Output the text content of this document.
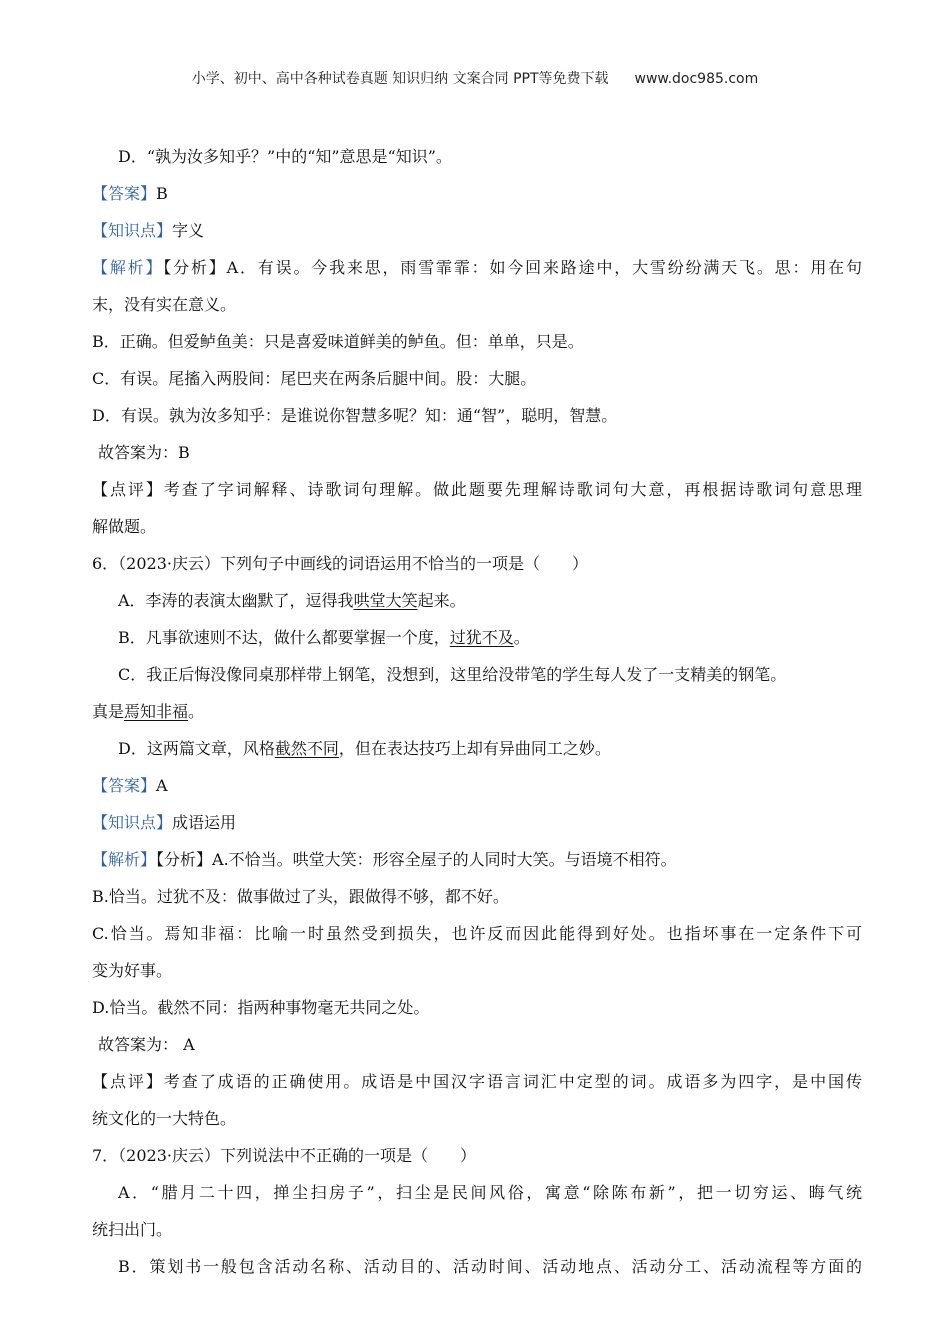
小学、初中、高中各种试卷真题 知识归纳 文案合同 PPT等免费下载 www.doc985.com
D．“孰为汝多知乎？”中的“知”意思是“知识”。
【答案】B
【知识点】字义
【解析】【分析】A．有误。今我来思，雨雪霏霏：如今回来路途中，大雪纷纷满天飞。思：用在句
末，没有实在意义。
B．正确。但爱鲈鱼美：只是喜爱味道鲜美的鲈鱼。但：单单，只是。
C．有误。尾搐入两股间：尾巴夹在两条后腿中间。股：大腿。
D．有误。孰为汝多知乎：是谁说你智慧多呢？知：通“智”，聪明，智慧。
故答案为：B
【点评】考查了字词解释、诗歌词句理解。做此题要先理解诗歌词句大意，再根据诗歌词句意思理
解做题。
6．（2023·庆云）下列句子中画线的词语运用不恰当的一项是（　　）
A．李涛的表演太幽默了，逗得我哄堂大笑起来。
B．凡事欲速则不达，做什么都要掌握一个度，过犹不及。
C．我正后悔没像同桌那样带上钢笔，没想到，这里给没带笔的学生每人发了一支精美的钢笔。
真是焉知非福。
D．这两篇文章，风格截然不同，但在表达技巧上却有异曲同工之妙。
【答案】A
【知识点】成语运用
【解析】【分析】A.不恰当。哄堂大笑：形容全屋子的人同时大笑。与语境不相符。
B.恰当。过犹不及：做事做过了头，跟做得不够，都不好。
C.恰当。焉知非福：比喻一时虽然受到损失，也许反而因此能得到好处。也指坏事在一定条件下可
变为好事。
D.恰当。截然不同：指两种事物毫无共同之处。
故答案为： A
【点评】考查了成语的正确使用。成语是中国汉字语言词汇中定型的词。成语多为四字，是中国传
统文化的一大特色。
7．（2023·庆云）下列说法中不正确的一项是（　　）
A．“腊月二十四，掸尘扫房子”，扫尘是民间风俗，寓意“除陈布新”，把一切穷运、晦气统
统扫出门。
B．策划书一般包含活动名称、活动目的、活动时间、活动地点、活动分工、活动流程等方面的
